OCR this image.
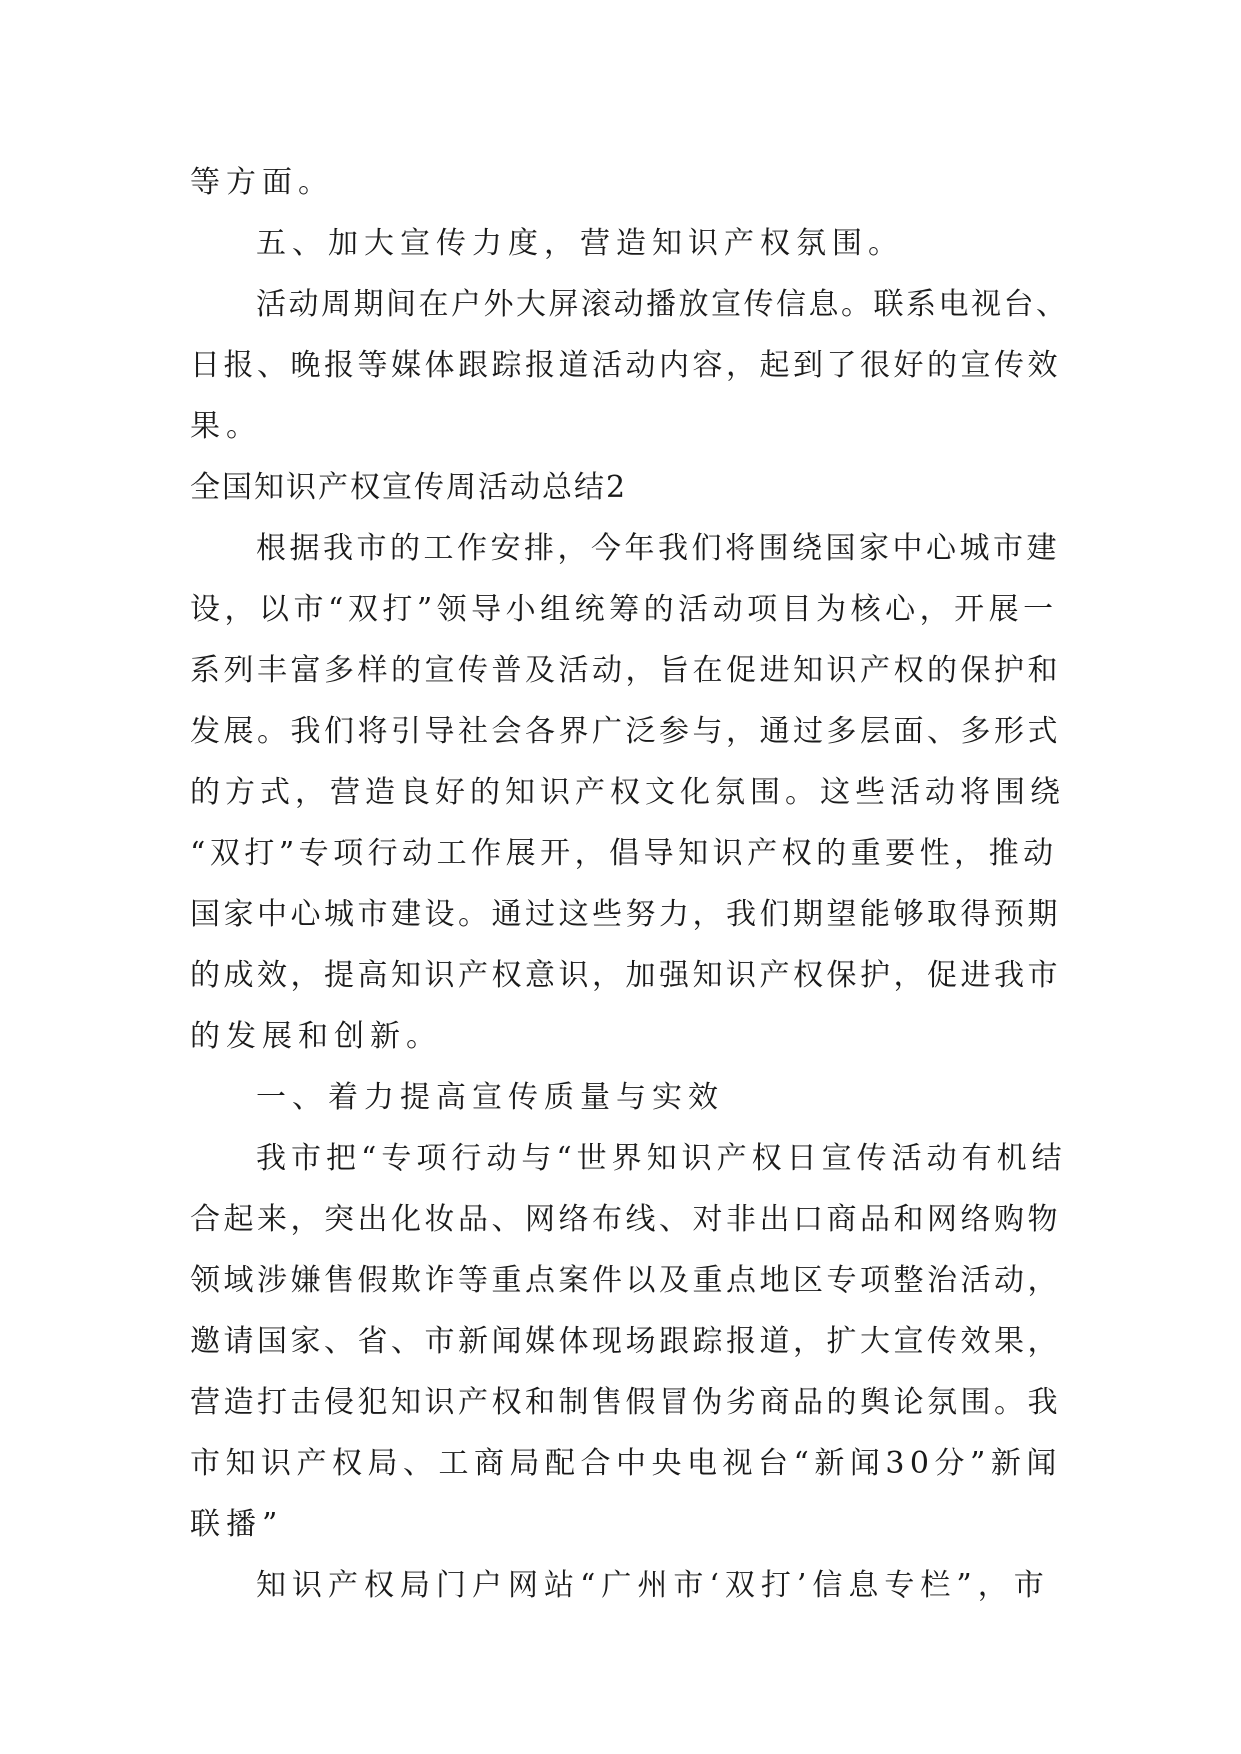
等方面。
五、加大宣传力度，营造知识产权氛围。
活动周期间在户外大屏滚动播放宣传信息。联系电视台、
日报、晚报等媒体跟踪报道活动内容，起到了很好的宣传效
果。
全国知识产权宣传周活动总结2
根据我市的工作安排，今年我们将围绕国家中心城市建
设，以市“双打”领导小组统筹的活动项目为核心，开展一
系列丰富多样的宣传普及活动，旨在促进知识产权的保护和
发展。我们将引导社会各界广泛参与，通过多层面、多形式
的方式，营造良好的知识产权文化氛围。这些活动将围绕
“双打”专项行动工作展开，倡导知识产权的重要性，推动
国家中心城市建设。通过这些努力，我们期望能够取得预期
的成效，提高知识产权意识，加强知识产权保护，促进我市
的发展和创新。
一、着力提高宣传质量与实效
我市把“专项行动与“世界知识产权日宣传活动有机结
合起来，突出化妆品、网络布线、对非出口商品和网络购物
领域涉嫌售假欺诈等重点案件以及重点地区专项整治活动，
邀请国家、省、市新闻媒体现场跟踪报道，扩大宣传效果，
营造打击侵犯知识产权和制售假冒伪劣商品的舆论氛围。我
市知识产权局、工商局配合中央电视台“新闻30分”新闻
联播”
知识产权局门户网站“广州市‘双打’信息专栏”，市
